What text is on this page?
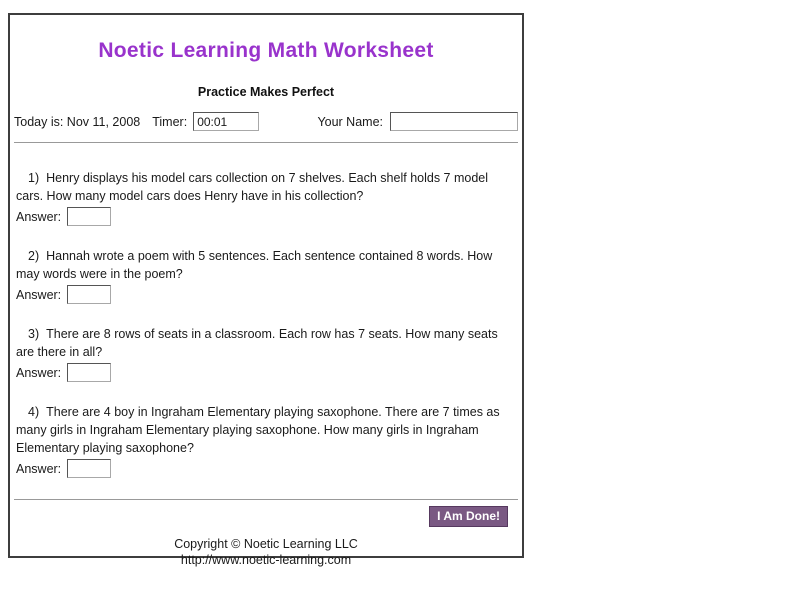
Noetic Learning Math Worksheet
Practice Makes Perfect
Today is: Nov 11, 2008 Timer:
00:01	Your Name:

1) Henry displays his model cars collection on 7 shelves. Each shelf holds 7 model cars. How many model cars does Henry have in his collection?

Answer:

2) Hannah wrote a poem with 5 sentences. Each sentence contained 8 words. How may words were in the poem?

Answer:

3) There are 8 rows of seats in a classroom. Each row has 7 seats. How many seats are there in all?

Answer:

4) There are 4 boy in Ingraham Elementary playing saxophone. There are 7 times as many girls in Ingraham Elementary playing saxophone. How many girls in Ingraham Elementary playing saxophone?

Answer:
I Am Done!
Copyright © Noetic Learning LLC
http://www.noetic-learning.com
